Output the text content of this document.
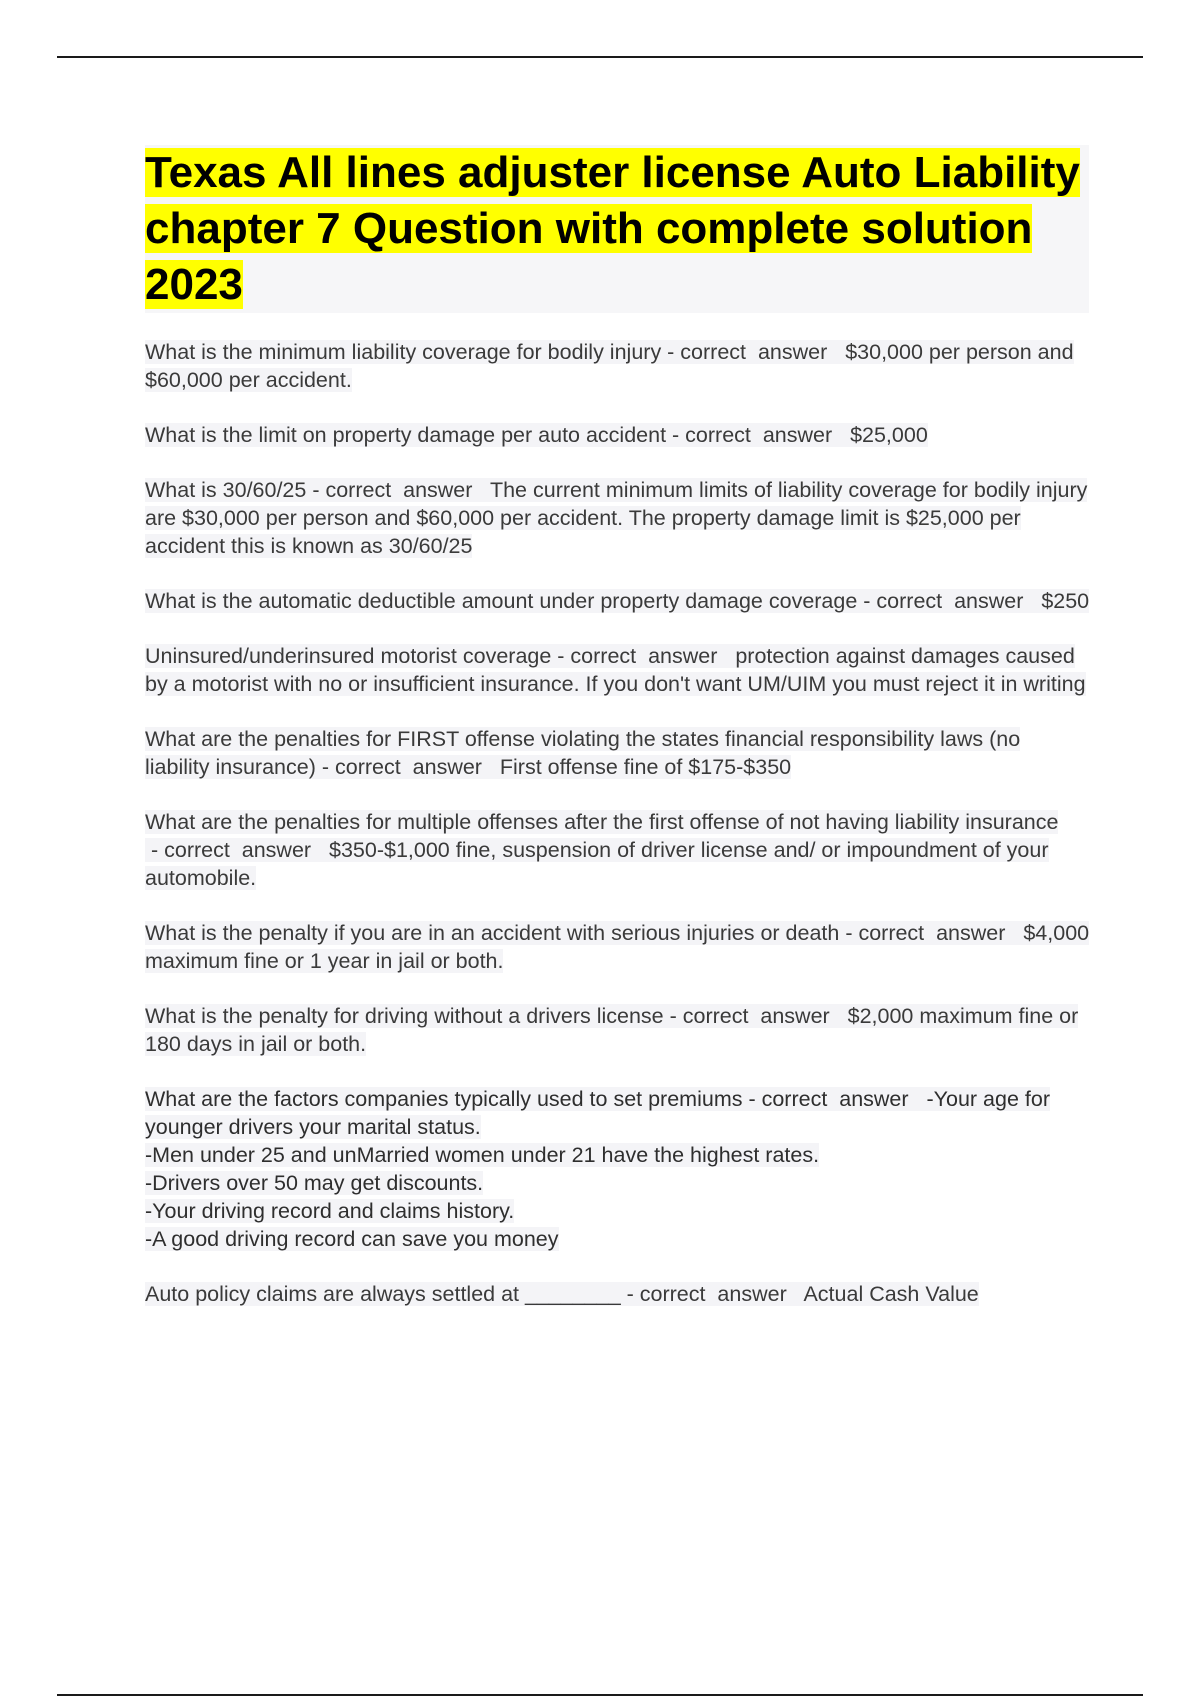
Texas All lines adjuster license Auto Liability chapter 7 Question with complete solution 2023

What is the minimum liability coverage for bodily injury - correct  answer   $30,000 per person and $60,000 per accident.

What is the limit on property damage per auto accident - correct  answer   $25,000

What is 30/60/25 - correct  answer   The current minimum limits of liability coverage for bodily injury are $30,000 per person and $60,000 per accident. The property damage limit is $25,000 per accident this is known as 30/60/25

What is the automatic deductible amount under property damage coverage - correct  answer   $250

Uninsured/underinsured motorist coverage - correct  answer   protection against damages caused by a motorist with no or insufficient insurance. If you don't want UM/UIM you must reject it in writing

What are the penalties for FIRST offense violating the states financial responsibility laws (no liability insurance) - correct  answer   First offense fine of $175-$350

What are the penalties for multiple offenses after the first offense of not having liability insurance - correct  answer   $350-$1,000 fine, suspension of driver license and/ or impoundment of your automobile.

What is the penalty if you are in an accident with serious injuries or death - correct  answer   $4,000 maximum fine or 1 year in jail or both.

What is the penalty for driving without a drivers license - correct  answer   $2,000 maximum fine or 180 days in jail or both.

What are the factors companies typically used to set premiums - correct  answer   -Your age for younger drivers your marital status.
-Men under 25 and unMarried women under 21 have the highest rates.
-Drivers over 50 may get discounts.
-Your driving record and claims history.
-A good driving record can save you money

Auto policy claims are always settled at ________ - correct  answer   Actual Cash Value
